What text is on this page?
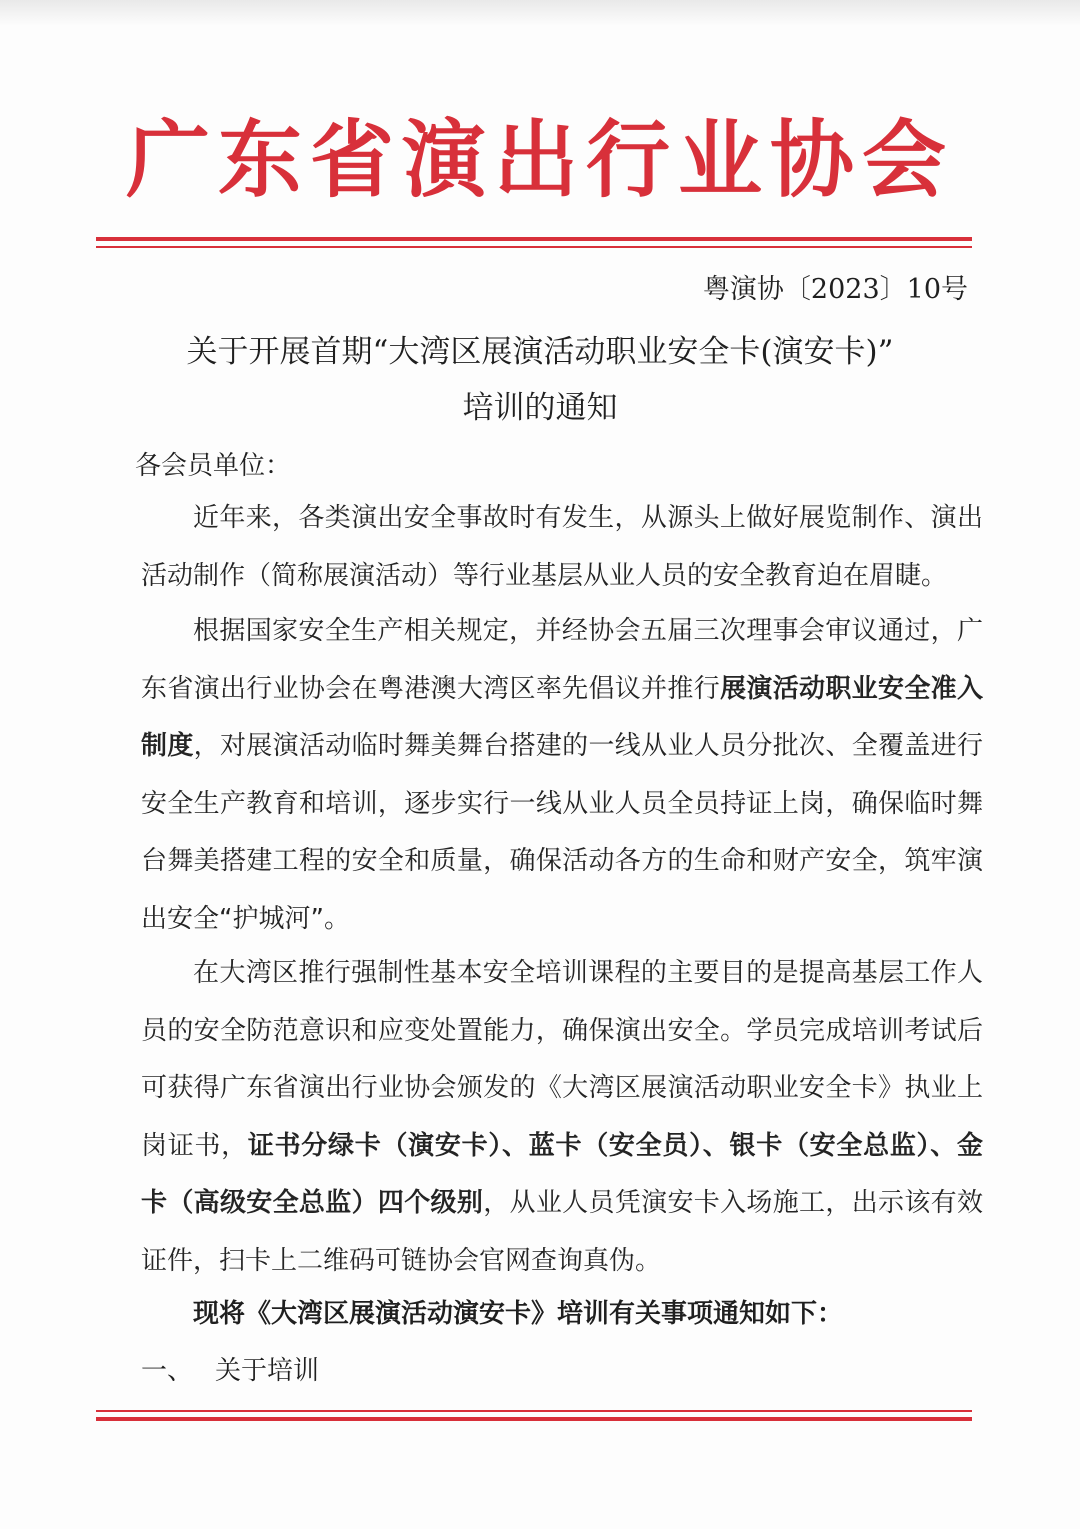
广东省演出行业协会
粤演协〔2023〕10号
关于开展首期“大湾区展演活动职业安全卡(演安卡)”
培训的通知
各会员单位：

近年来，各类演出安全事故时有发生，从源头上做好展览制作、演出活动制作（简称展演活动）等行业基层从业人员的安全教育迫在眉睫。

根据国家安全生产相关规定，并经协会五届三次理事会审议通过，广东省演出行业协会在粤港澳大湾区率先倡议并推行展演活动职业安全准入制度，对展演活动临时舞美舞台搭建的一线从业人员分批次、全覆盖进行安全生产教育和培训，逐步实行一线从业人员全员持证上岗，确保临时舞台舞美搭建工程的安全和质量，确保活动各方的生命和财产安全，筑牢演出安全“护城河”。

在大湾区推行强制性基本安全培训课程的主要目的是提高基层工作人员的安全防范意识和应变处置能力，确保演出安全。学员完成培训考试后可获得广东省演出行业协会颁发的《大湾区展演活动职业安全卡》执业上岗证书，证书分绿卡（演安卡）、蓝卡（安全员）、银卡（安全总监）、金卡（高级安全总监）四个级别，从业人员凭演安卡入场施工，出示该有效证件，扫卡上二维码可链协会官网查询真伪。

现将《大湾区展演活动演安卡》培训有关事项通知如下：
一、 关于培训
